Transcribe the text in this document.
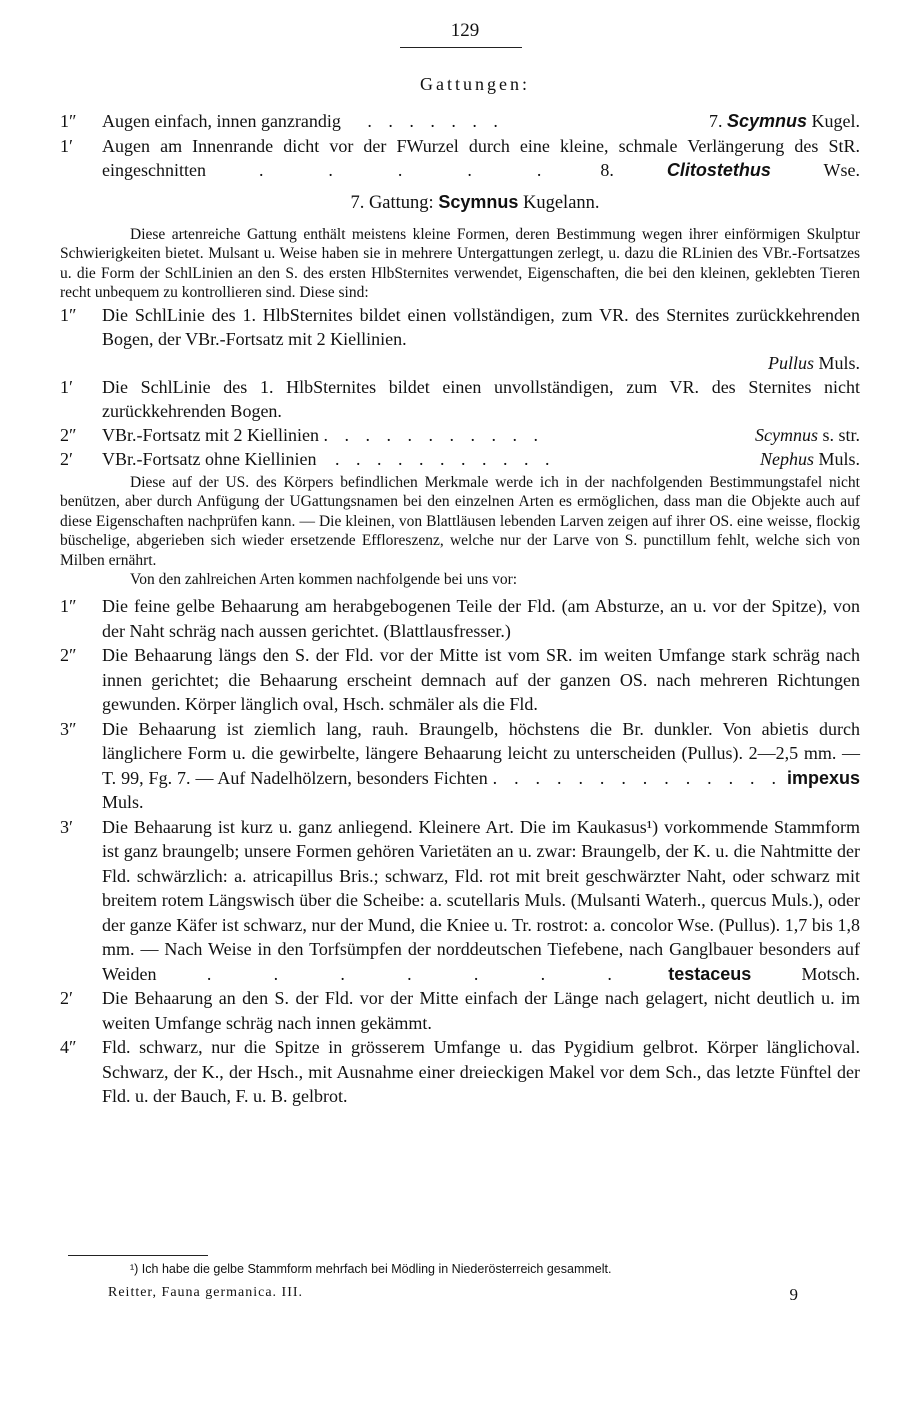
129
Gattungen:
1″	Augen einfach, innen ganzrandig . . . . . . .	7. Scymnus Kugel.
1′	Augen am Innenrande dicht vor der FWurzel durch eine kleine, schmale Verlängerung des StR. eingeschnitten	. . . . .	8.	Clitostethus	Wse.
7. Gattung: Scymnus Kugelann.

Diese artenreiche Gattung enthält meistens kleine Formen, deren Bestimmung wegen ihrer einförmigen Skulptur Schwierigkeiten bietet. Mulsant u. Weise haben sie in mehrere Untergattungen zerlegt, u. dazu die RLinien des VBr.-Fortsatzes u. die Form der SchlLinien an den S. des ersten HlbSternites verwendet, Eigenschaften, die bei den kleinen, geklebten Tieren recht unbequem zu kontrollieren sind. Diese sind:

1″	Die SchlLinie des 1. HlbSternites bildet einen vollständigen, zum VR. des Sternites zurückkehrenden Bogen, der VBr.-Fortsatz mit 2 Kiellinien.
Pullus Muls.
1′	Die SchlLinie des 1. HlbSternites bildet einen unvollständigen, zum VR. des Sternites nicht zurückkehrenden Bogen.
2″	VBr.-Fortsatz mit 2 Kiellinien . . . . . . . . . . .	Scymnus s. str.
2′	VBr.-Fortsatz ohne Kiellinien . . . . . . . . . . .	Nephus Muls.

Diese auf der US. des Körpers befindlichen Merkmale werde ich in der nachfolgenden Bestimmungstafel nicht benützen, aber durch Anfügung der UGattungsnamen bei den einzelnen Arten es ermöglichen, dass man die Objekte auch auf diese Eigenschaften nachprüfen kann. — Die kleinen, von Blattläusen lebenden Larven zeigen auf ihrer OS. eine weisse, flockig büschelige, abgerieben sich wieder ersetzende Effloreszenz, welche nur der Larve von S. punctillum fehlt, welche sich von Milben ernährt.

Von den zahlreichen Arten kommen nachfolgende bei uns vor:

1″	Die feine gelbe Behaarung am herabgebogenen Teile der Fld. (am Absturze, an u. vor der Spitze), von der Naht schräg nach aussen gerichtet. (Blattlausfresser.)
2″	Die Behaarung längs den S. der Fld. vor der Mitte ist vom SR. im weiten Umfange stark schräg nach innen gerichtet; die Behaarung erscheint demnach auf der ganzen OS. nach mehreren Richtungen gewunden. Körper länglich oval, Hsch. schmäler als die Fld.
3″	Die Behaarung ist ziemlich lang, rauh. Braungelb, höchstens die Br. dunkler. Von abietis durch länglichere Form u. die gewirbelte, längere Behaarung leicht zu unterscheiden (Pullus). 2—2,5 mm. — T. 99, Fg. 7. — Auf Nadelhölzern, besonders Fichten . . . . . . . . . . . . . . impexus Muls.
3′	Die Behaarung ist kurz u. ganz anliegend. Kleinere Art. Die im Kaukasus¹) vorkommende Stammform ist ganz braungelb; unsere Formen gehören Varietäten an u. zwar: Braungelb, der K. u. die Nahtmitte der Fld. schwärzlich: a. atricapillus Bris.; schwarz, Fld. rot mit breit geschwärzter Naht, oder schwarz mit breitem rotem Längswisch über die Scheibe: a. scutellaris Muls. (Mulsanti Waterh., quercus Muls.), oder der ganze Käfer ist schwarz, nur der Mund, die Kniee u. Tr. rostrot: a. concolor Wse. (Pullus). 1,7 bis 1,8 mm. — Nach Weise in den Torfsümpfen der norddeutschen Tiefebene, nach Ganglbauer besonders auf Weiden	. . . . . . .	testaceus	Motsch.
2′	Die Behaarung an den S. der Fld. vor der Mitte einfach der Länge nach gelagert, nicht deutlich u. im weiten Umfange schräg nach innen gekämmt.
4″	Fld. schwarz, nur die Spitze in grösserem Umfange u. das Pygidium gelbrot. Körper länglichoval. Schwarz, der K., der Hsch., mit Ausnahme einer dreieckigen Makel vor dem Sch., das letzte Fünftel der Fld. u. der Bauch, F. u. B. gelbrot.
¹) Ich habe die gelbe Stammform mehrfach bei Mödling in Niederösterreich gesammelt.
Reitter, Fauna germanica. III.	9
